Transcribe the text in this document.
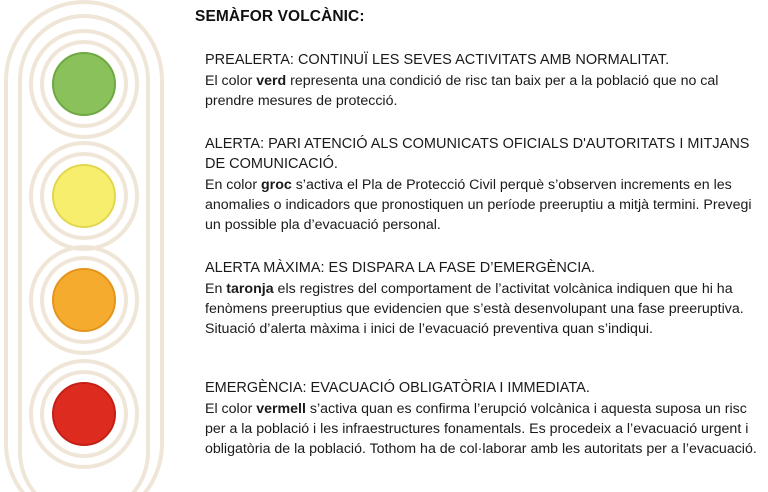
SEMÀFOR VOLCÀNIC:
PREALERTA: CONTINUÏ LES SEVES ACTIVITATS AMB NORMALITAT.

El color verd representa una condició de risc tan baix per a la població que no cal prendre mesures de protecció.

ALERTA: PARI ATENCIÓ ALS COMUNICATS OFICIALS D'AUTORITATS I MITJANS DE COMUNICACIÓ.

En color groc s’activa el Pla de Protecció Civil perquè s’observen increments en les anomalies o indicadors que pronostiquen un període preeruptiu a mitjà termini. Prevegi un possible pla d’evacuació personal.

ALERTA MÀXIMA: ES DISPARA LA FASE D’EMERGÈNCIA.

En taronja els registres del comportament de l’activitat volcànica indiquen que hi ha fenòmens preeruptius que evidencien que s’està desenvolupant una fase preeruptiva. Situació d’alerta màxima i inici de l’evacuació preventiva quan s’indiqui.

EMERGÈNCIA: EVACUACIÓ OBLIGATÒRIA I IMMEDIATA.

El color vermell s’activa quan es confirma l’erupció volcànica i aquesta suposa un risc per a la població i les infraestructures fonamentals. Es procedeix a l’evacuació urgent i obligatòria de la població. Tothom ha de col·laborar amb les autoritats per a l’evacuació.
